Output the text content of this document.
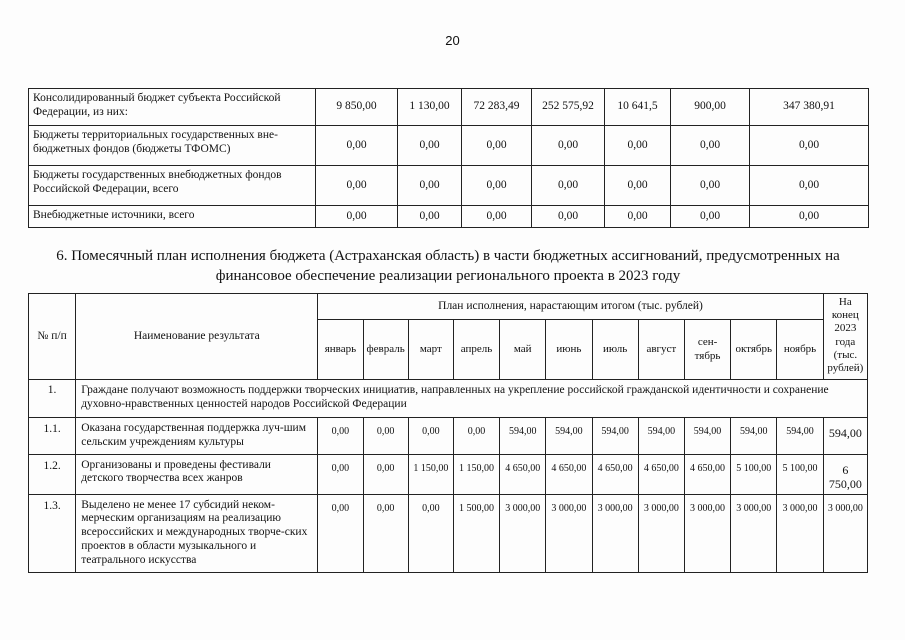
20
Консолидированный бюджет субъекта Российской Федерации, из них:	9 850,00	1 130,00	72 283,49	252 575,92	10 641,5	900,00	347 380,91
Бюджеты территориальных государственных вне-бюджетных фондов (бюджеты ТФОМС)	0,00	0,00	0,00	0,00	0,00	0,00	0,00
Бюджеты государственных внебюджетных фондов Российской Федерации, всего	0,00	0,00	0,00	0,00	0,00	0,00	0,00
Внебюджетные источники, всего	0,00	0,00	0,00	0,00	0,00	0,00	0,00
6. Помесячный план исполнения бюджета (Астраханская область) в части бюджетных ассигнований, предусмотренных на финансовое обеспечение реализации регионального проекта в 2023 году
№ п/п	Наименование результата	План исполнения, нарастающим итогом (тыс. рублей)											На конец 2023 года (тыс. рублей)
		январь	февраль	март	апрель	май	июнь	июль	август	сен-тябрь	октябрь	ноябрь	
1.	Граждане получают возможность поддержки творческих инициатив, направленных на укрепление российской гражданской идентичности и сохранение духовно-нравственных ценностей народов Российской Федерации												
1.1.	Оказана государственная поддержка луч-шим сельским учреждениям культуры	0,00	0,00	0,00	0,00	594,00	594,00	594,00	594,00	594,00	594,00	594,00	594,00
1.2.	Организованы и проведены фестивали детского творчества всех жанров	0,00	0,00	1 150,00	1 150,00	4 650,00	4 650,00	4 650,00	4 650,00	4 650,00	5 100,00	5 100,00	6 750,00
1.3.	Выделено не менее 17 субсидий неком-мерческим организациям на реализацию всероссийских и международных творче-ских проектов в области музыкального и театрального искусства	0,00	0,00	0,00	1 500,00	3 000,00	3 000,00	3 000,00	3 000,00	3 000,00	3 000,00	3 000,00	3 000,00
